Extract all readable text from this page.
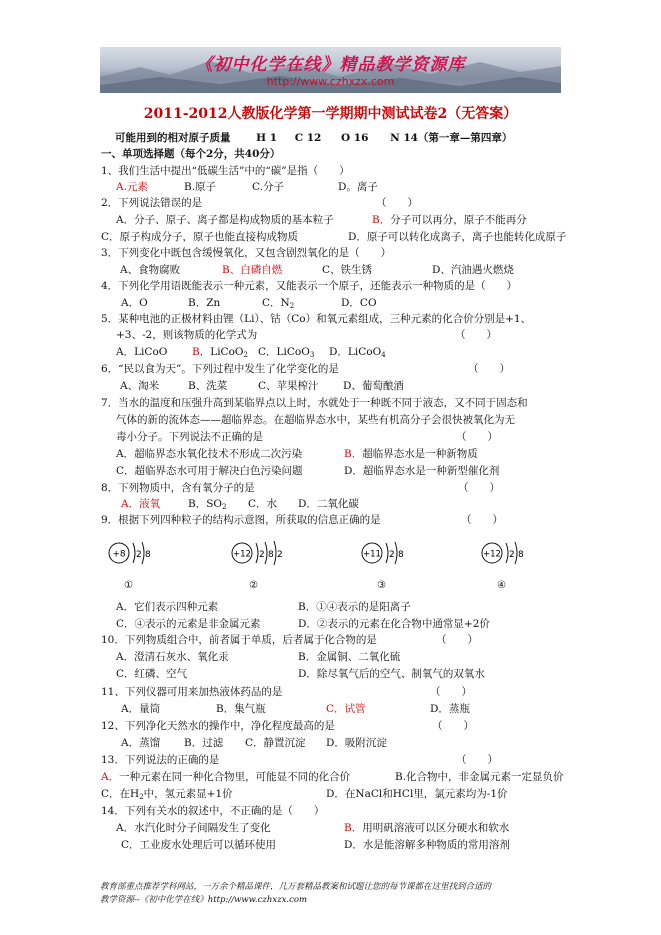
《初中化学在线》精品教学资源库
http://www.czhxzx.com
2011-2012人教版化学第一学期期中测试试卷2（无答案）
可能用到的相对原子质量 H 1 C 12 O 16 N 14（第一章—第四章）
一、单项选择题（每个2分，共40分）
1、我们生活中提出“低碳生活”中的“碳”是指（　　）
A.元素	B.原子	C.分子	D。离子
2．下列说法错误的是	（　　）
A．分子、原子、离子都是构成物质的基本粒子	B．分子可以再分，原子不能再分
C．原子构成分子，原子也能直接构成物质	D．原子可以转化成离子，离子也能转化成原子
3．下列变化中既包含缓慢氧化，又包含剧烈氧化的是（　　）
A、食物腐败	B、白磷自燃	C、铁生锈	D、汽油遇火燃烧
4．下列化学用语既能表示一种元素，又能表示一个原子，还能表示一种物质的是（　　）
A．O	B．Zn	C．$N_2$	D．CO
5．某种电池的正极材料由锂（Li）、钴（Co）和氧元素组成，三种元素的化合价分别是+1、
+3、-2，则该物质的化学式为	（　　）
A．LiCoO B．LiCoO$_2$ C．LiCoO$_3$ D．LiCoO$_4$
6．“民以食为天”。下列过程中发生了化学变化的是	（　　）
A、淘米	B、洗菜	C、苹果榨汁 D、葡萄酿酒
7．当水的温度和压强升高到某临界点以上时，水就处于一种既不同于液态，又不同于固态和
气体的新的流体态——超临界态。在超临界态水中，某些有机高分子会很快被氧化为无
毒小分子。下列说法不正确的是	（　　）
A．超临界态水氧化技术不形成二次污染	B．超临界态水是一种新物质
C．超临界态水可用于解决白色污染问题	D．超临界态水是一种新型催化剂
8．下列物质中，含有氧分子的是	（　　）
A．液氧	B．$SO_2$ C．水 D．二氧化碳
9．根据下列四种粒子的结构示意图，所获取的信息正确的是	（　　）
+8 2 8	+12 2 8 2	+11 2 8	+12 2 8
①	②	③	④
A．它们表示四种元素	B．①④表示的是阳离子
C．④表示的元素是非金属元素	D．②表示的元素在化合物中通常显+2价
10．下列物质组合中，前者属于单质，后者属于化合物的是	（　　）
A．澄清石灰水、氧化汞	B．金属铜、二氧化硫
C．红磷、空气	D．除尽氧气后的空气、制氧气的双氧水
11、下列仪器可用来加热液体药品的是	（　　）
A．量筒	B．集气瓶	C．试管	D．蒸瓶
12、下列净化天然水的操作中，净化程度最高的是	（　　）
A．蒸馏 B．过滤 C．静置沉淀 D．吸附沉淀
13．下列说法的正确的是	（　　）
A．一种元素在同一种化合物里，可能显不同的化合价	B.化合物中，非金属元素一定显负价
C．在$H_2$中，氢元素显+1价	D．在NaCl和HCl里，氯元素均为-1价
14．下列有关水的叙述中，不正确的是（　　）
A．水汽化时分子间隔发生了变化	B．用明矾溶液可以区分硬水和软水
C．工业废水处理后可以循环使用	D．水是能溶解多种物质的常用溶剂
教育部重点推荐学科网站，一万余个精品课件，几万套精品教案和试题让您的每节课都在这里找到合适的
教学资源--《初中化学在线》http://www.czhxzx.com
